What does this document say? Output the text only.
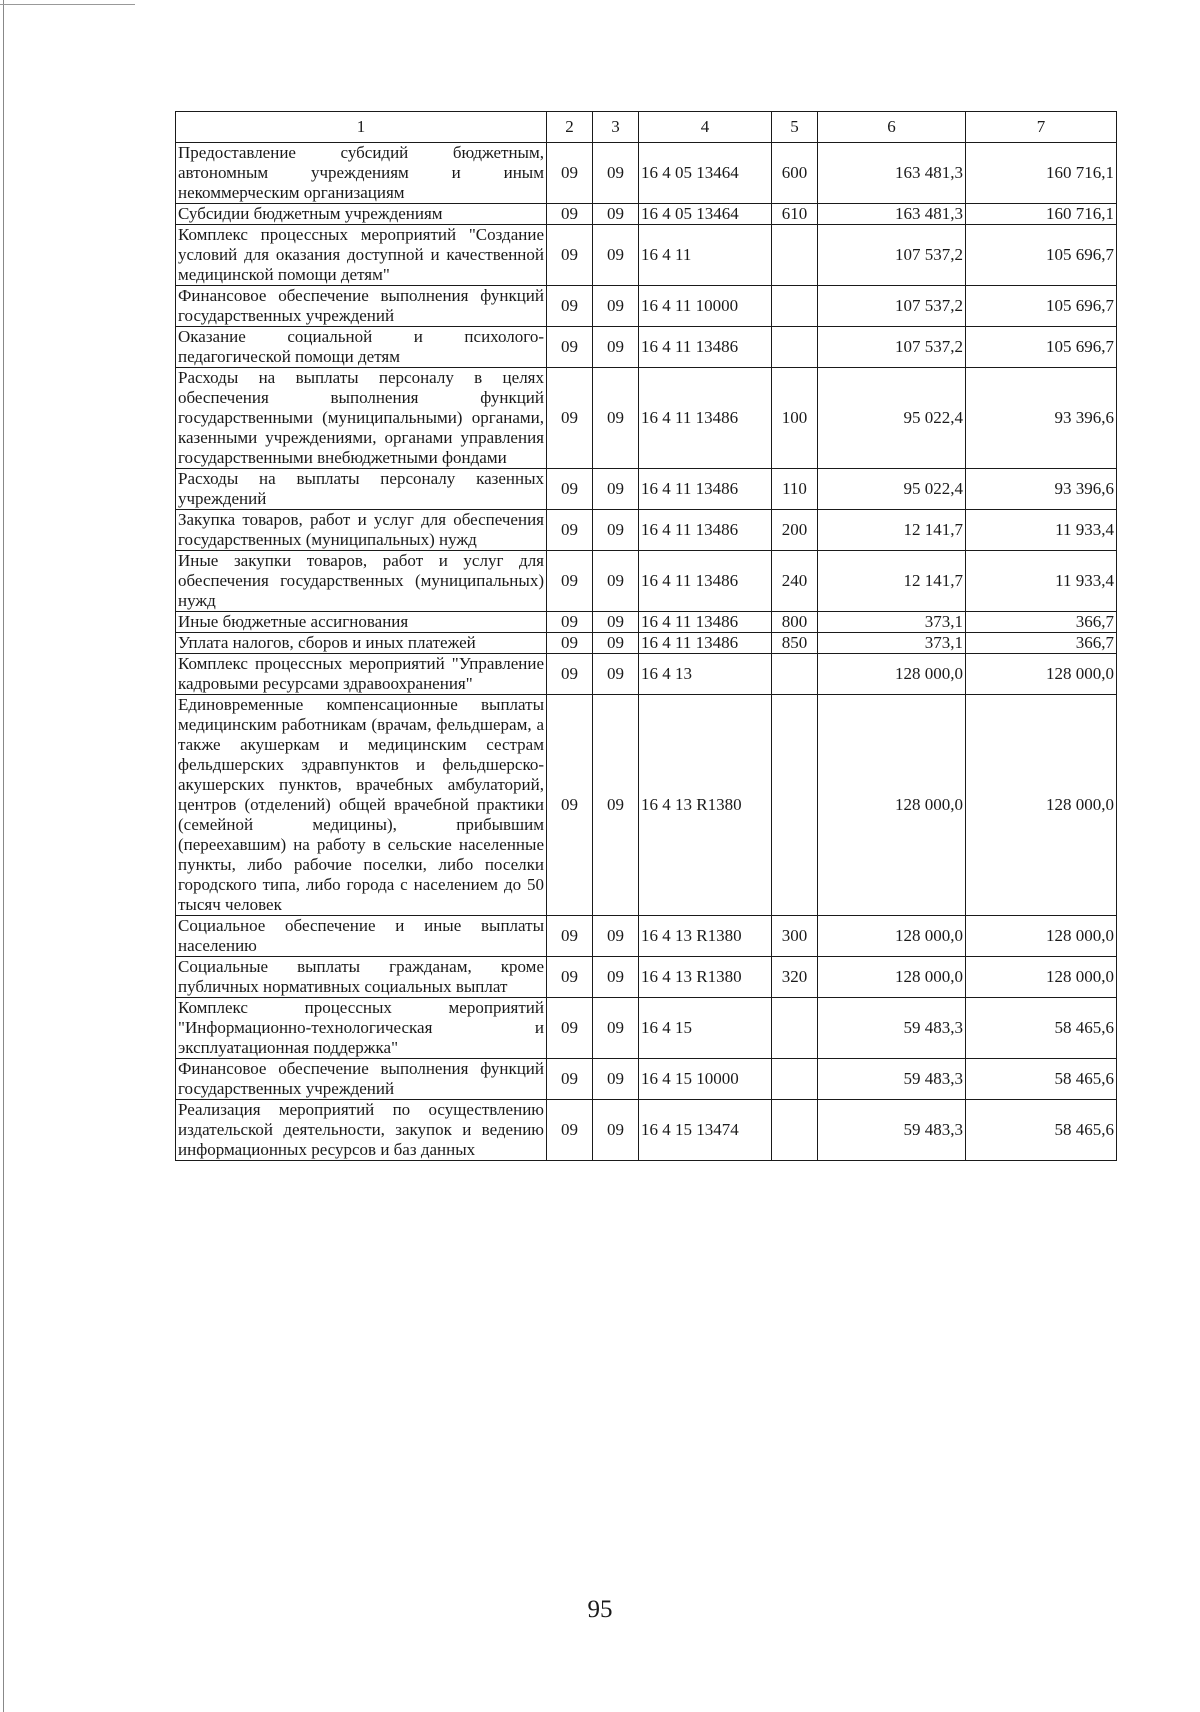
1	2	3	4	5	6	7
Предоставление субсидий бюджетным, автономным учреждениям и иным некоммерческим организациям	09	09	16 4 05 13464	600	163 481,3	160 716,1
Субсидии бюджетным учреждениям	09	09	16 4 05 13464	610	163 481,3	160 716,1
Комплекс процессных мероприятий "Создание условий для оказания доступной и качественной медицинской помощи детям"	09	09	16 4 11		107 537,2	105 696,7
Финансовое обеспечение выполнения функций государственных учреждений	09	09	16 4 11 10000		107 537,2	105 696,7
Оказание социальной и психолого-педагогической помощи детям	09	09	16 4 11 13486		107 537,2	105 696,7
Расходы на выплаты персоналу в целях обеспечения выполнения функций государственными (муниципальными) органами, казенными учреждениями, органами управления государственными внебюджетными фондами	09	09	16 4 11 13486	100	95 022,4	93 396,6
Расходы на выплаты персоналу казенных учреждений	09	09	16 4 11 13486	110	95 022,4	93 396,6
Закупка товаров, работ и услуг для обеспечения государственных (муниципальных) нужд	09	09	16 4 11 13486	200	12 141,7	11 933,4
Иные закупки товаров, работ и услуг для обеспечения государственных (муниципальных) нужд	09	09	16 4 11 13486	240	12 141,7	11 933,4
Иные бюджетные ассигнования	09	09	16 4 11 13486	800	373,1	366,7
Уплата налогов, сборов и иных платежей	09	09	16 4 11 13486	850	373,1	366,7
Комплекс процессных мероприятий "Управление кадровыми ресурсами здравоохранения"	09	09	16 4 13		128 000,0	128 000,0
Единовременные компенсационные выплаты медицинским работникам (врачам, фельдшерам, а также акушеркам и медицинским сестрам фельдшерских здравпунктов и фельдшерско-акушерских пунктов, врачебных амбулаторий, центров (отделений) общей врачебной практики (семейной медицины), прибывшим (переехавшим) на работу в сельские населенные пункты, либо рабочие поселки, либо поселки городского типа, либо города с населением до 50 тысяч человек	09	09	16 4 13 R1380		128 000,0	128 000,0
Социальное обеспечение и иные выплаты населению	09	09	16 4 13 R1380	300	128 000,0	128 000,0
Социальные выплаты гражданам, кроме публичных нормативных социальных выплат	09	09	16 4 13 R1380	320	128 000,0	128 000,0
Комплекс процессных мероприятий "Информационно-технологическая и эксплуатационная поддержка"	09	09	16 4 15		59 483,3	58 465,6
Финансовое обеспечение выполнения функций государственных учреждений	09	09	16 4 15 10000		59 483,3	58 465,6
Реализация мероприятий по осуществлению издательской деятельности, закупок и ведению информационных ресурсов и баз данных	09	09	16 4 15 13474		59 483,3	58 465,6
95
